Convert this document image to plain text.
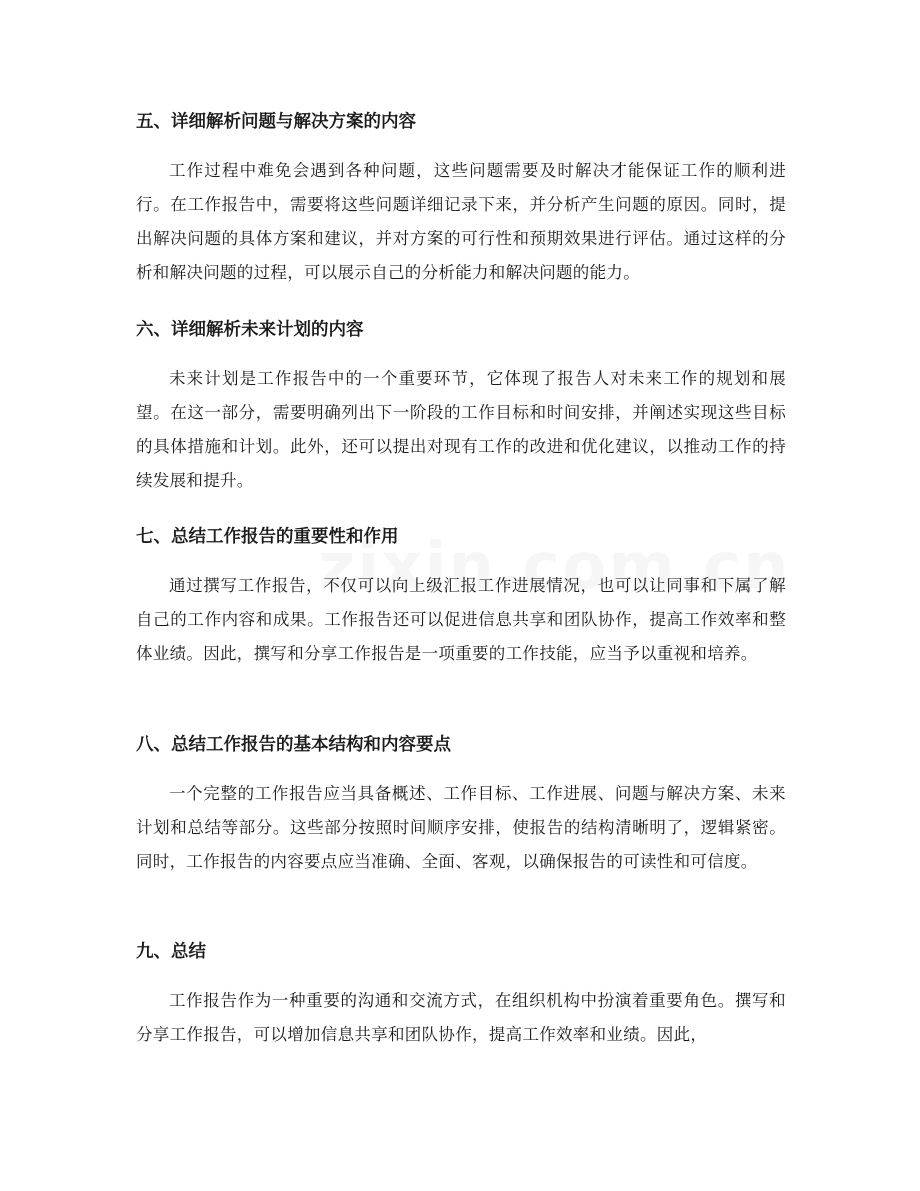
五、详细解析问题与解决方案的内容

工作过程中难免会遇到各种问题，这些问题需要及时解决才能保证工作的顺利进行。在工作报告中，需要将这些问题详细记录下来，并分析产生问题的原因。同时，提出解决问题的具体方案和建议，并对方案的可行性和预期效果进行评估。通过这样的分析和解决问题的过程，可以展示自己的分析能力和解决问题的能力。

六、详细解析未来计划的内容

未来计划是工作报告中的一个重要环节，它体现了报告人对未来工作的规划和展望。在这一部分，需要明确列出下一阶段的工作目标和时间安排，并阐述实现这些目标的具体措施和计划。此外，还可以提出对现有工作的改进和优化建议，以推动工作的持续发展和提升。

七、总结工作报告的重要性和作用

通过撰写工作报告，不仅可以向上级汇报工作进展情况，也可以让同事和下属了解自己的工作内容和成果。工作报告还可以促进信息共享和团队协作，提高工作效率和整体业绩。因此，撰写和分享工作报告是一项重要的工作技能，应当予以重视和培养。

八、总结工作报告的基本结构和内容要点

一个完整的工作报告应当具备概述、工作目标、工作进展、问题与解决方案、未来计划和总结等部分。这些部分按照时间顺序安排，使报告的结构清晰明了，逻辑紧密。同时，工作报告的内容要点应当准确、全面、客观，以确保报告的可读性和可信度。

九、总结

工作报告作为一种重要的沟通和交流方式，在组织机构中扮演着重要角色。撰写和分享工作报告，可以增加信息共享和团队协作，提高工作效率和业绩。因此，
